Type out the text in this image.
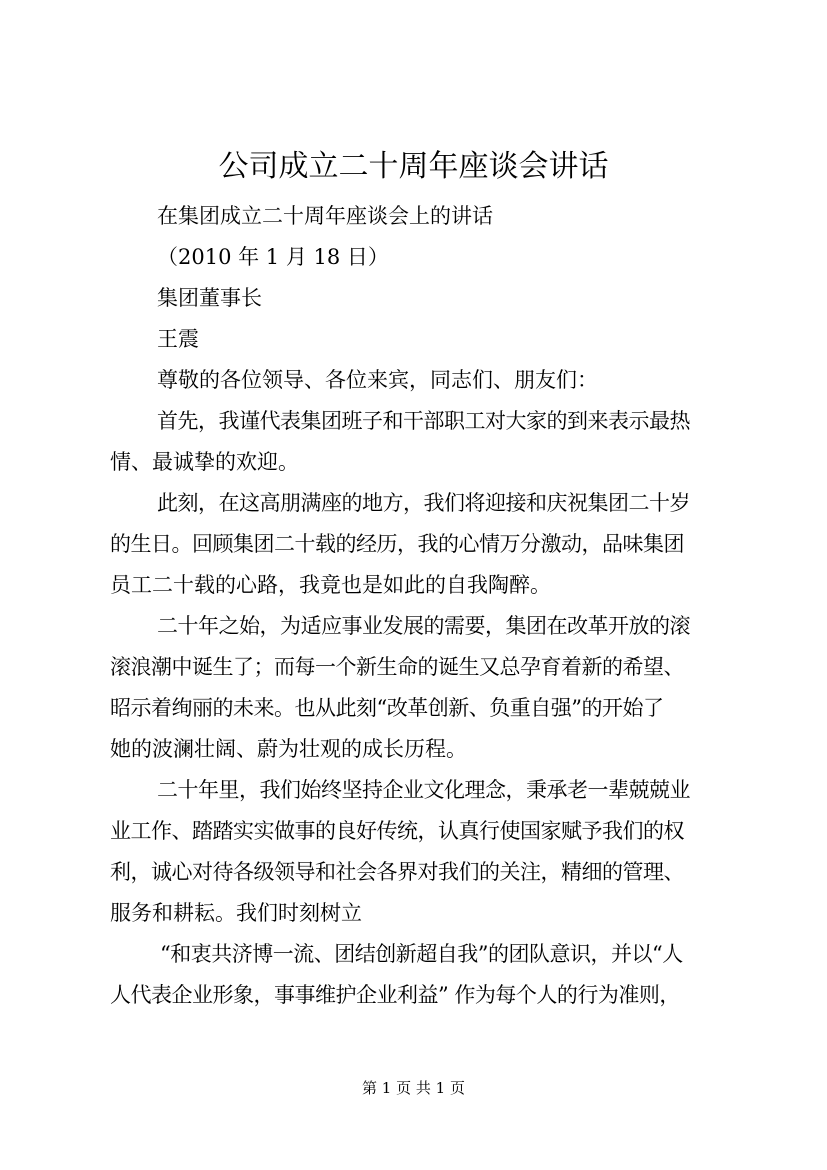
公司成立二十周年座谈会讲话

在集团成立二十周年座谈会上的讲话

（2010 年 1 月 18 日）

集团董事长

王震

尊敬的各位领导、各位来宾，同志们、朋友们：

首先，我谨代表集团班子和干部职工对大家的到来表示最热

情、最诚挚的欢迎。

此刻，在这高朋满座的地方，我们将迎接和庆祝集团二十岁

的生日。回顾集团二十载的经历，我的心情万分激动，品味集团

员工二十载的心路，我竟也是如此的自我陶醉。

二十年之始，为适应事业发展的需要，集团在改革开放的滚

滚浪潮中诞生了；而每一个新生命的诞生又总孕育着新的希望、

昭示着绚丽的未来。也从此刻“改革创新、负重自强”的开始了

她的波澜壮阔、蔚为壮观的成长历程。

二十年里，我们始终坚持企业文化理念，秉承老一辈兢兢业

业工作、踏踏实实做事的良好传统，认真行使国家赋予我们的权

利，诚心对待各级领导和社会各界对我们的关注，精细的管理、

服务和耕耘。我们时刻树立

“和衷共济博一流、团结创新超自我”的团队意识，并以“人

人代表企业形象，事事维护企业利益” 作为每个人的行为准则，

第 1 页 共 1 页
